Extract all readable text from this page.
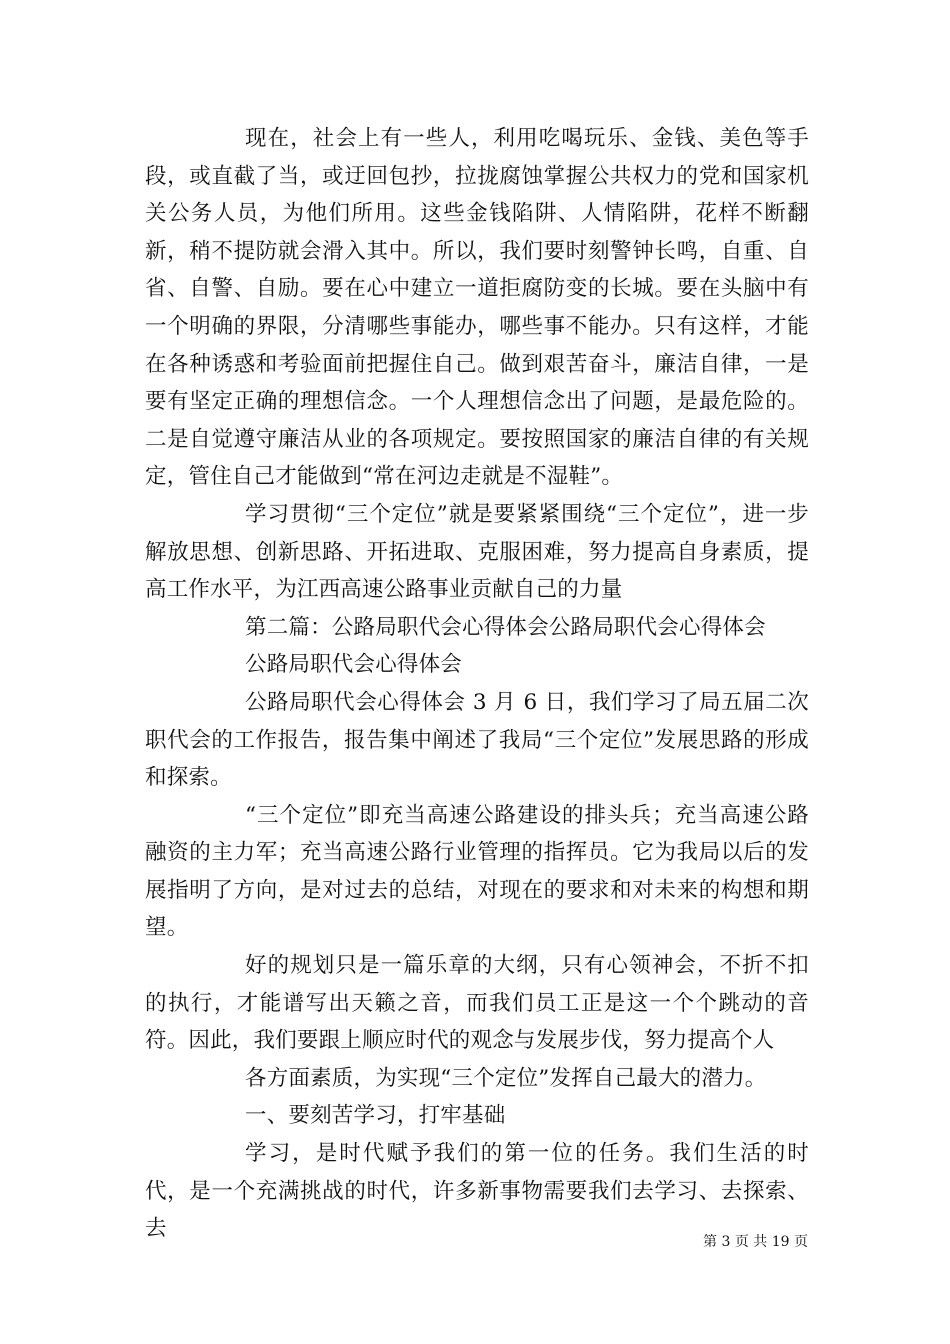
现在，社会上有一些人，利用吃喝玩乐、金钱、美色等手段，或直截了当，或迂回包抄，拉拢腐蚀掌握公共权力的党和国家机关公务人员，为他们所用。这些金钱陷阱、人情陷阱，花样不断翻新，稍不提防就会滑入其中。所以，我们要时刻警钟长鸣，自重、自省、自警、自励。要在心中建立一道拒腐防变的长城。要在头脑中有一个明确的界限，分清哪些事能办，哪些事不能办。只有这样，才能在各种诱惑和考验面前把握住自己。做到艰苦奋斗，廉洁自律，一是要有坚定正确的理想信念。一个人理想信念出了问题，是最危险的。二是自觉遵守廉洁从业的各项规定。要按照国家的廉洁自律的有关规定，管住自己才能做到“常在河边走就是不湿鞋”。

学习贯彻“三个定位”就是要紧紧围绕“三个定位”，进一步解放思想、创新思路、开拓进取、克服困难，努力提高自身素质，提高工作水平，为江西高速公路事业贡献自己的力量

第二篇：公路局职代会心得体会公路局职代会心得体会

公路局职代会心得体会

公路局职代会心得体会 3 月 6 日，我们学习了局五届二次职代会的工作报告，报告集中阐述了我局“三个定位”发展思路的形成和探索。

“三个定位”即充当高速公路建设的排头兵；充当高速公路融资的主力军；充当高速公路行业管理的指挥员。它为我局以后的发展指明了方向，是对过去的总结，对现在的要求和对未来的构想和期望。

好的规划只是一篇乐章的大纲，只有心领神会，不折不扣的执行，才能谱写出天籁之音，而我们员工正是这一个个跳动的音符。因此，我们要跟上顺应时代的观念与发展步伐，努力提高个人

各方面素质，为实现“三个定位”发挥自己最大的潜力。

一、要刻苦学习，打牢基础

学习，是时代赋予我们的第一位的任务。我们生活的时代，是一个充满挑战的时代，许多新事物需要我们去学习、去探索、去

第 3 页 共 19 页
